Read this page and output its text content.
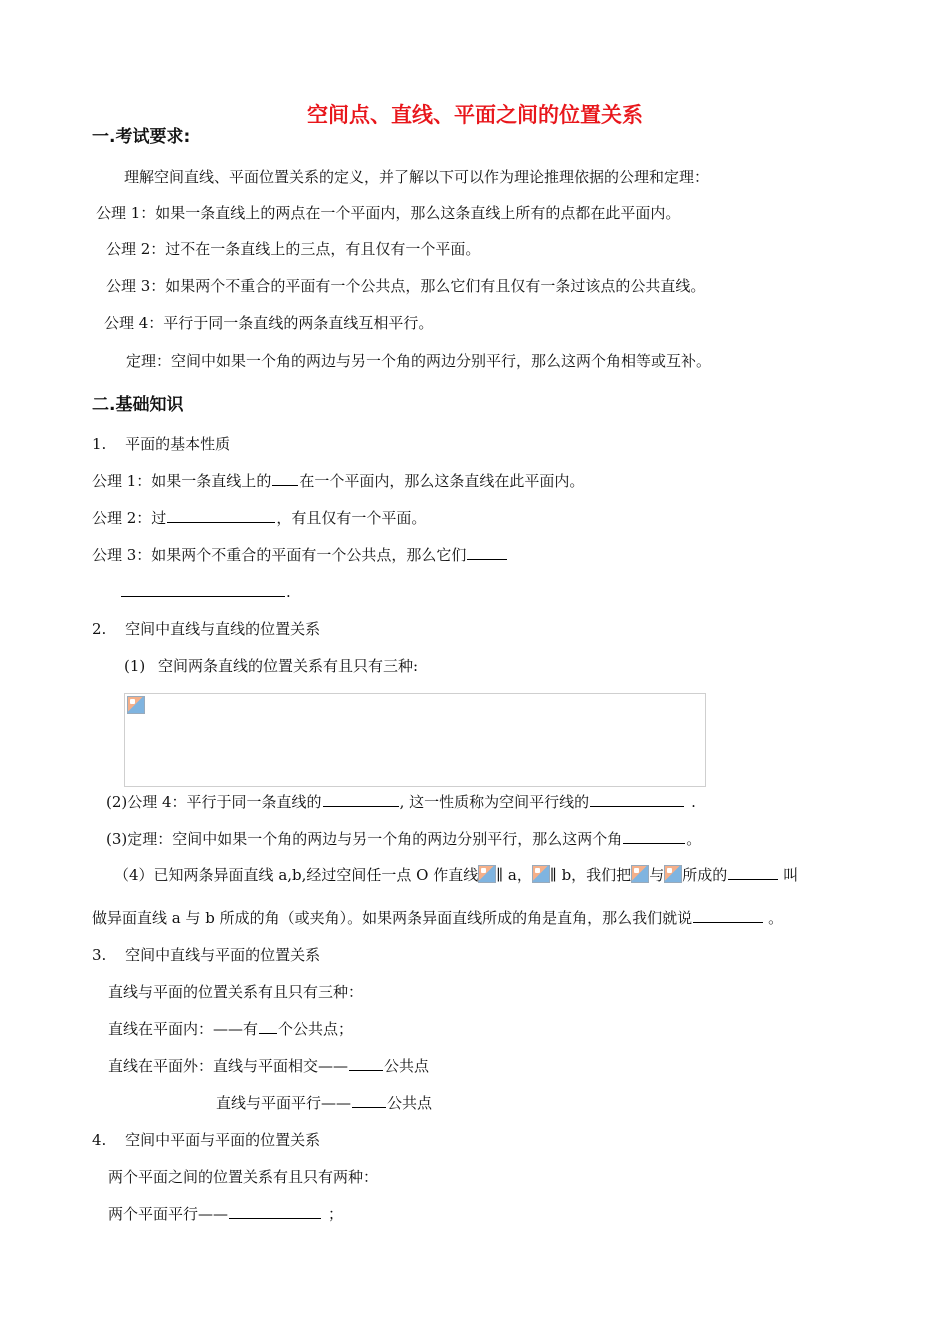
空间点、直线、平面之间的位置关系
一.考试要求:
理解空间直线、平面位置关系的定义，并了解以下可以作为理论推理依据的公理和定理：
公理 1：如果一条直线上的两点在一个平面内，那么这条直线上所有的点都在此平面内。
公理 2：过不在一条直线上的三点，有且仅有一个平面。
公理 3：如果两个不重合的平面有一个公共点，那么它们有且仅有一条过该点的公共直线。
公理 4：平行于同一条直线的两条直线互相平行。
定理：空间中如果一个角的两边与另一个角的两边分别平行，那么这两个角相等或互补。
二.基础知识
1. 平面的基本性质
公理 1：如果一条直线上的 在一个平面内，那么这条直线在此平面内。
公理 2：过	，有且仅有一个平面。
公理 3：如果两个不重合的平面有一个公共点，那么它们
.
2. 空间中直线与直线的位置关系
(1) 空间两条直线的位置关系有且只有三种:
(2)公理 4：平行于同一条直线的	, 这一性质称为空间平行线的	.
(3)定理：空间中如果一个角的两边与另一个角的两边分别平行，那么这两个角	。
（4）已知两条异面直线 a,b,经过空间任一点 O 作直线 ∥ a， ∥ b，我们把 与 所成的	叫
做异面直线 a 与 b 所成的角（或夹角）。如果两条异面直线所成的角是直角，那么我们就说	。
3. 空间中直线与平面的位置关系
直线与平面的位置关系有且只有三种：
直线在平面内：——有 个公共点；
直线在平面外：直线与平面相交—— 公共点
直线与平面平行—— 公共点
4. 空间中平面与平面的位置关系
两个平面之间的位置关系有且只有两种：
两个平面平行——	；
